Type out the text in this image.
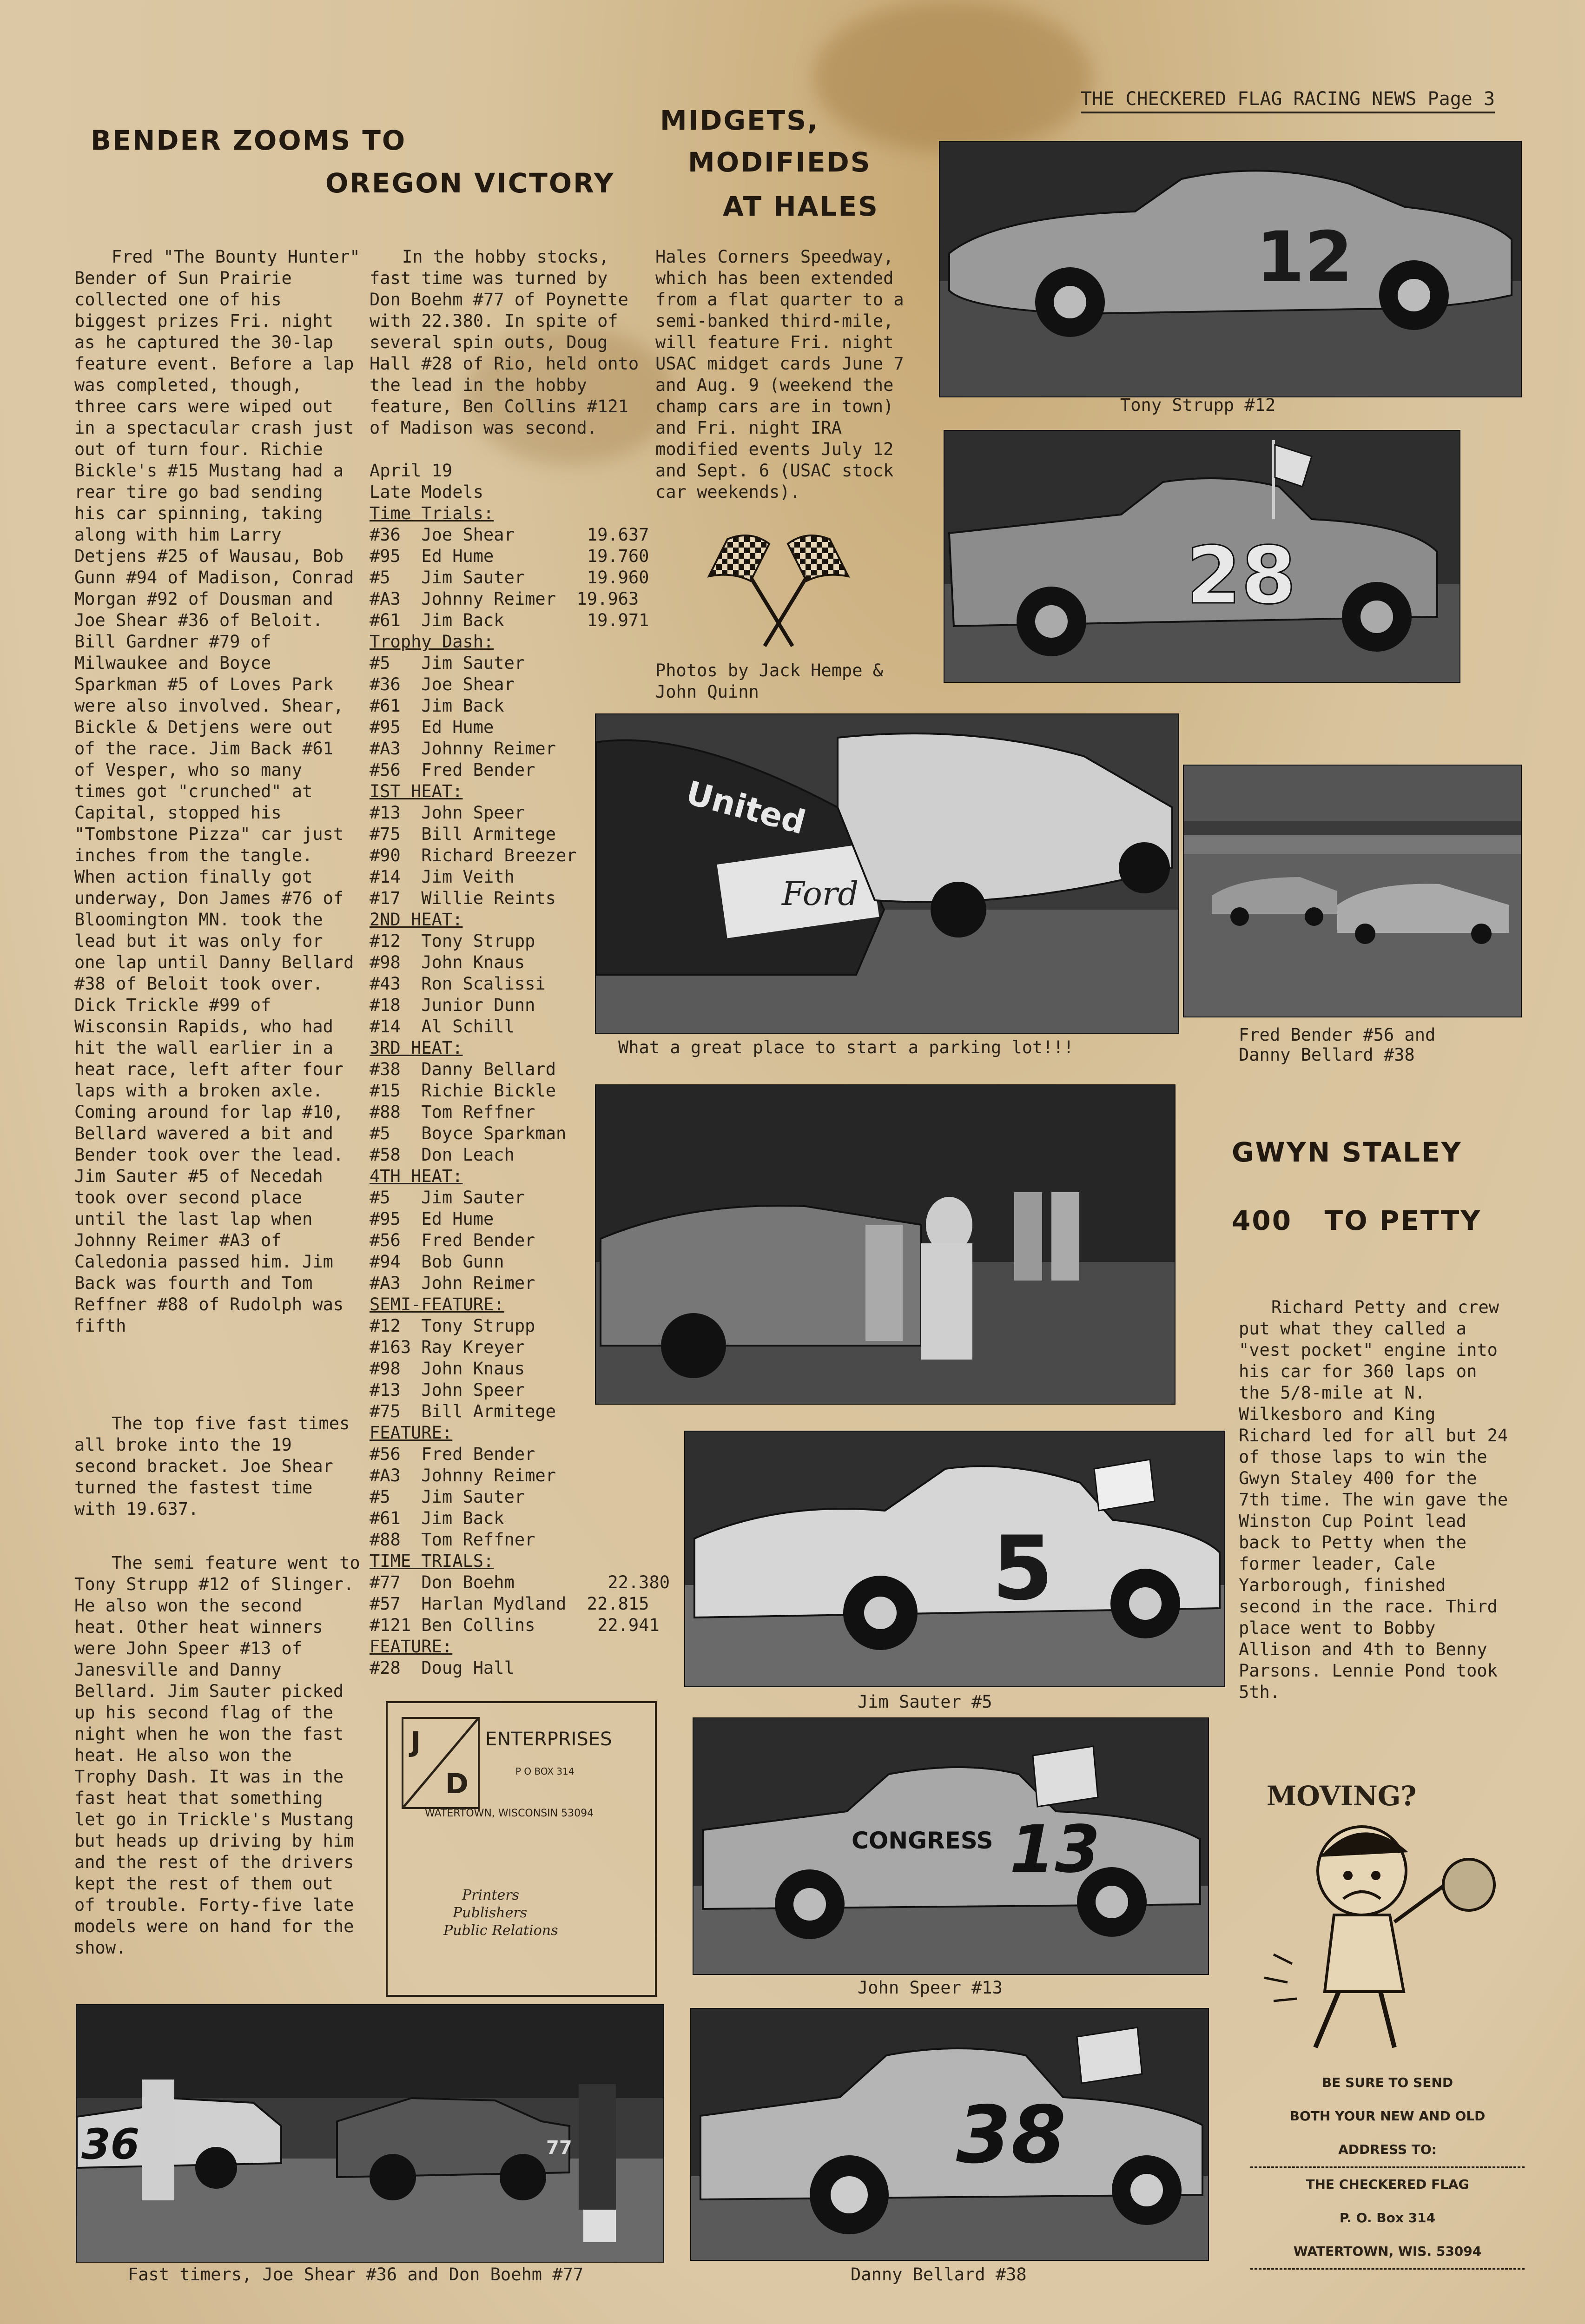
THE CHECKERED FLAG RACING NEWS Page 3
BENDER ZOOMS TO
OREGON VICTORY
MIDGETS,
MODIFIEDS
AT HALES
Fred "The Bounty Hunter" Bender of Sun Prairie collected one of his biggest prizes Fri. night as he captured the 30-lap feature event. Before a lap was completed, though, three cars were wiped out in a spectacular crash just out of turn four. Richie Bickle's #15 Mustang had a rear tire go bad sending his car spinning, taking along with him Larry Detjens #25 of Wausau, Bob Gunn #94 of Madison, Conrad Morgan #92 of Dousman and Joe Shear #36 of Beloit. Bill Gardner #79 of Milwaukee and Boyce Sparkman #5 of Loves Park were also involved. Shear, Bickle & Detjens were out of the race. Jim Back #61 of Vesper, who so many times got "crunched" at Capital, stopped his "Tombstone Pizza" car just inches from the tangle. When action finally got underway, Don James #76 of Bloomington MN. took the lead but it was only for one lap until Danny Bellard #38 of Beloit took over. Dick Trickle #99 of Wisconsin Rapids, who had hit the wall earlier in a heat race, left after four laps with a broken axle. Coming around for lap #10, Bellard wavered a bit and Bender took over the lead. Jim Sauter #5 of Necedah took over second place until the last lap when Johnny Reimer #A3 of Caledonia passed him. Jim Back was fourth and Tom Reffner #88 of Rudolph was fifth
The top five fast times all broke into the 19 second bracket. Joe Shear turned the fastest time with 19.637.
The semi feature went to Tony Strupp #12 of Slinger. He also won the second heat. Other heat winners were John Speer #13 of Janesville and Danny Bellard. Jim Sauter picked up his second flag of the night when he won the fast heat. He also won the Trophy Dash. It was in the fast heat that something let go in Trickle's Mustang but heads up driving by him and the rest of the drivers kept the rest of them out of trouble. Forty-five late models were on hand for the show.
In the hobby stocks, fast time was turned by Don Boehm #77 of Poynette with 22.380. In spite of several spin outs, Doug Hall #28 of Rio, held onto the lead in the hobby feature, Ben Collins #121 of Madison was second.
April 19
Late Models
Time Trials:
#36  Joe Shear       19.637
#95  Ed Hume         19.760
#5   Jim Sauter      19.960
#A3  Johnny Reimer  19.963
#61  Jim Back        19.971
Trophy Dash:
#5   Jim Sauter
#36  Joe Shear
#61  Jim Back
#95  Ed Hume
#A3  Johnny Reimer
#56  Fred Bender
IST HEAT:
#13  John Speer
#75  Bill Armitege
#90  Richard Breezer
#14  Jim Veith
#17  Willie Reints
2ND HEAT:
#12  Tony Strupp
#98  John Knaus
#43  Ron Scalissi
#18  Junior Dunn
#14  Al Schill
3RD HEAT:
#38  Danny Bellard
#15  Richie Bickle
#88  Tom Reffner
#5   Boyce Sparkman
#58  Don Leach
4TH HEAT:
#5   Jim Sauter
#95  Ed Hume
#56  Fred Bender
#94  Bob Gunn
#A3  John Reimer
SEMI-FEATURE:
#12  Tony Strupp
#163 Ray Kreyer
#98  John Knaus
#13  John Speer
#75  Bill Armitege
FEATURE:
#56  Fred Bender
#A3  Johnny Reimer
#5   Jim Sauter
#61  Jim Back
#88  Tom Reffner
TIME TRIALS:
#77  Don Boehm         22.380
#57  Harlan Mydland  22.815
#121 Ben Collins      22.941
FEATURE:
#28  Doug Hall
Hales Corners Speedway, which has been extended from a flat quarter to a semi-banked third-mile, will feature Fri. night USAC midget cards June 7 and Aug. 9 (weekend the champ cars are in town) and Fri. night IRA modified events July 12 and Sept. 6 (USAC stock car weekends).
Photos by Jack Hempe & John Quinn
12
Tony Strupp #12
28
United
Ford
What a great place to start a parking lot!!!
Fred Bender #56 and Danny Bellard #38
GWYN STALEY
400   TO PETTY
Richard Petty and crew put what they called a "vest pocket" engine into his car for 360 laps on the 5/8-mile at N. Wilkesboro and King Richard led for all but 24 of those laps to win the Gwyn Staley 400 for the 7th time. The win gave the Winston Cup Point lead back to Petty when the former leader, Cale Yarborough, finished second in the race. Third place went to Bobby Allison and 4th to Benny Parsons. Lennie Pond took 5th.
5
Jim Sauter #5
J
D
ENTERPRISES
P O BOX 314
WATERTOWN, WISCONSIN 53094
Printers
Publishers
Public Relations
CONGRESS 13
John Speer #13
MOVING?
BE SURE TO SEND
BOTH YOUR NEW AND OLD
ADDRESS TO:
THE CHECKERED FLAG
P. O. Box 314
WATERTOWN, WIS. 53094
36	77
Fast timers, Joe Shear #36 and Don Boehm #77
38
Danny Bellard #38
